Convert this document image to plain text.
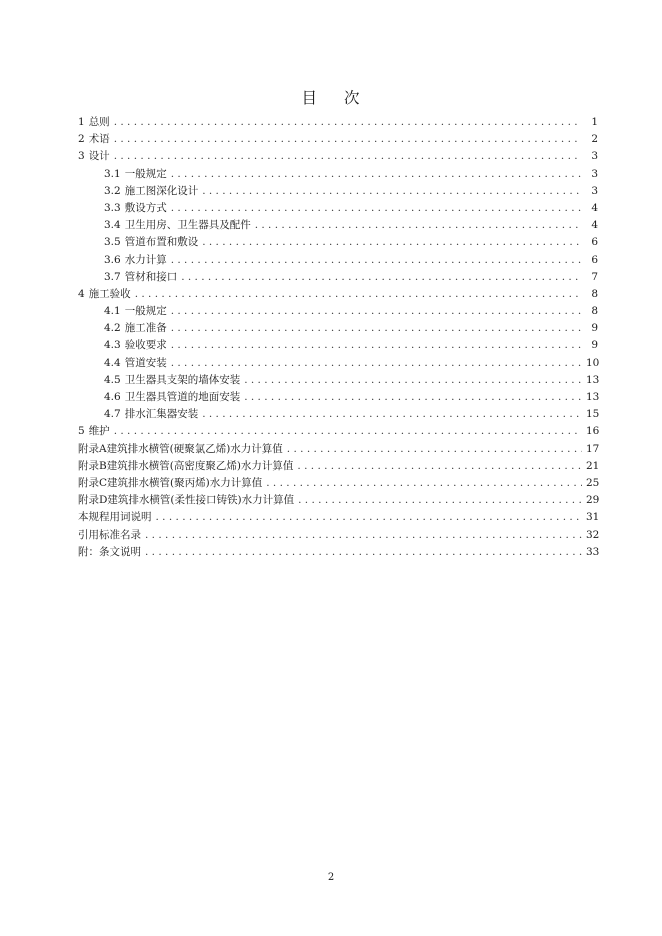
目 次
1 总则 . . .	1
2 术语 . . .	2
3 设计 . . .	3
3.1 一般规定 . . .	3
3.2 施工图深化设计 . . .	3
3.3 敷设方式 . . .	4
3.4 卫生用房、卫生器具及配件 . . .	4
3.5 管道布置和敷设 . . .	6
3.6 水力计算 . . .	6
3.7 管材和接口 . . .	7
4 施工验收 . . .	8
4.1 一般规定 . . .	8
4.2 施工准备 . . .	9
4.3 验收要求 . . .	9
4.4 管道安装 . . .	10
4.5 卫生器具支架的墙体安装 . . .	13
4.6 卫生器具管道的地面安装 . . .	13
4.7 排水汇集器安装 . . .	15
5 维护 . . .	16
附录A 建筑排水横管(硬聚氯乙烯)水力计算值 . . .	17
附录B 建筑排水横管(高密度聚乙烯)水力计算值 . . .	21
附录C 建筑排水横管(聚丙烯)水力计算值 . . .	25
附录D 建筑排水横管(柔性接口铸铁)水力计算值 . . .	29
本规程用词说明 . . .	31
引用标准名录 . . .	32
附：条文说明 . . .	33
2
